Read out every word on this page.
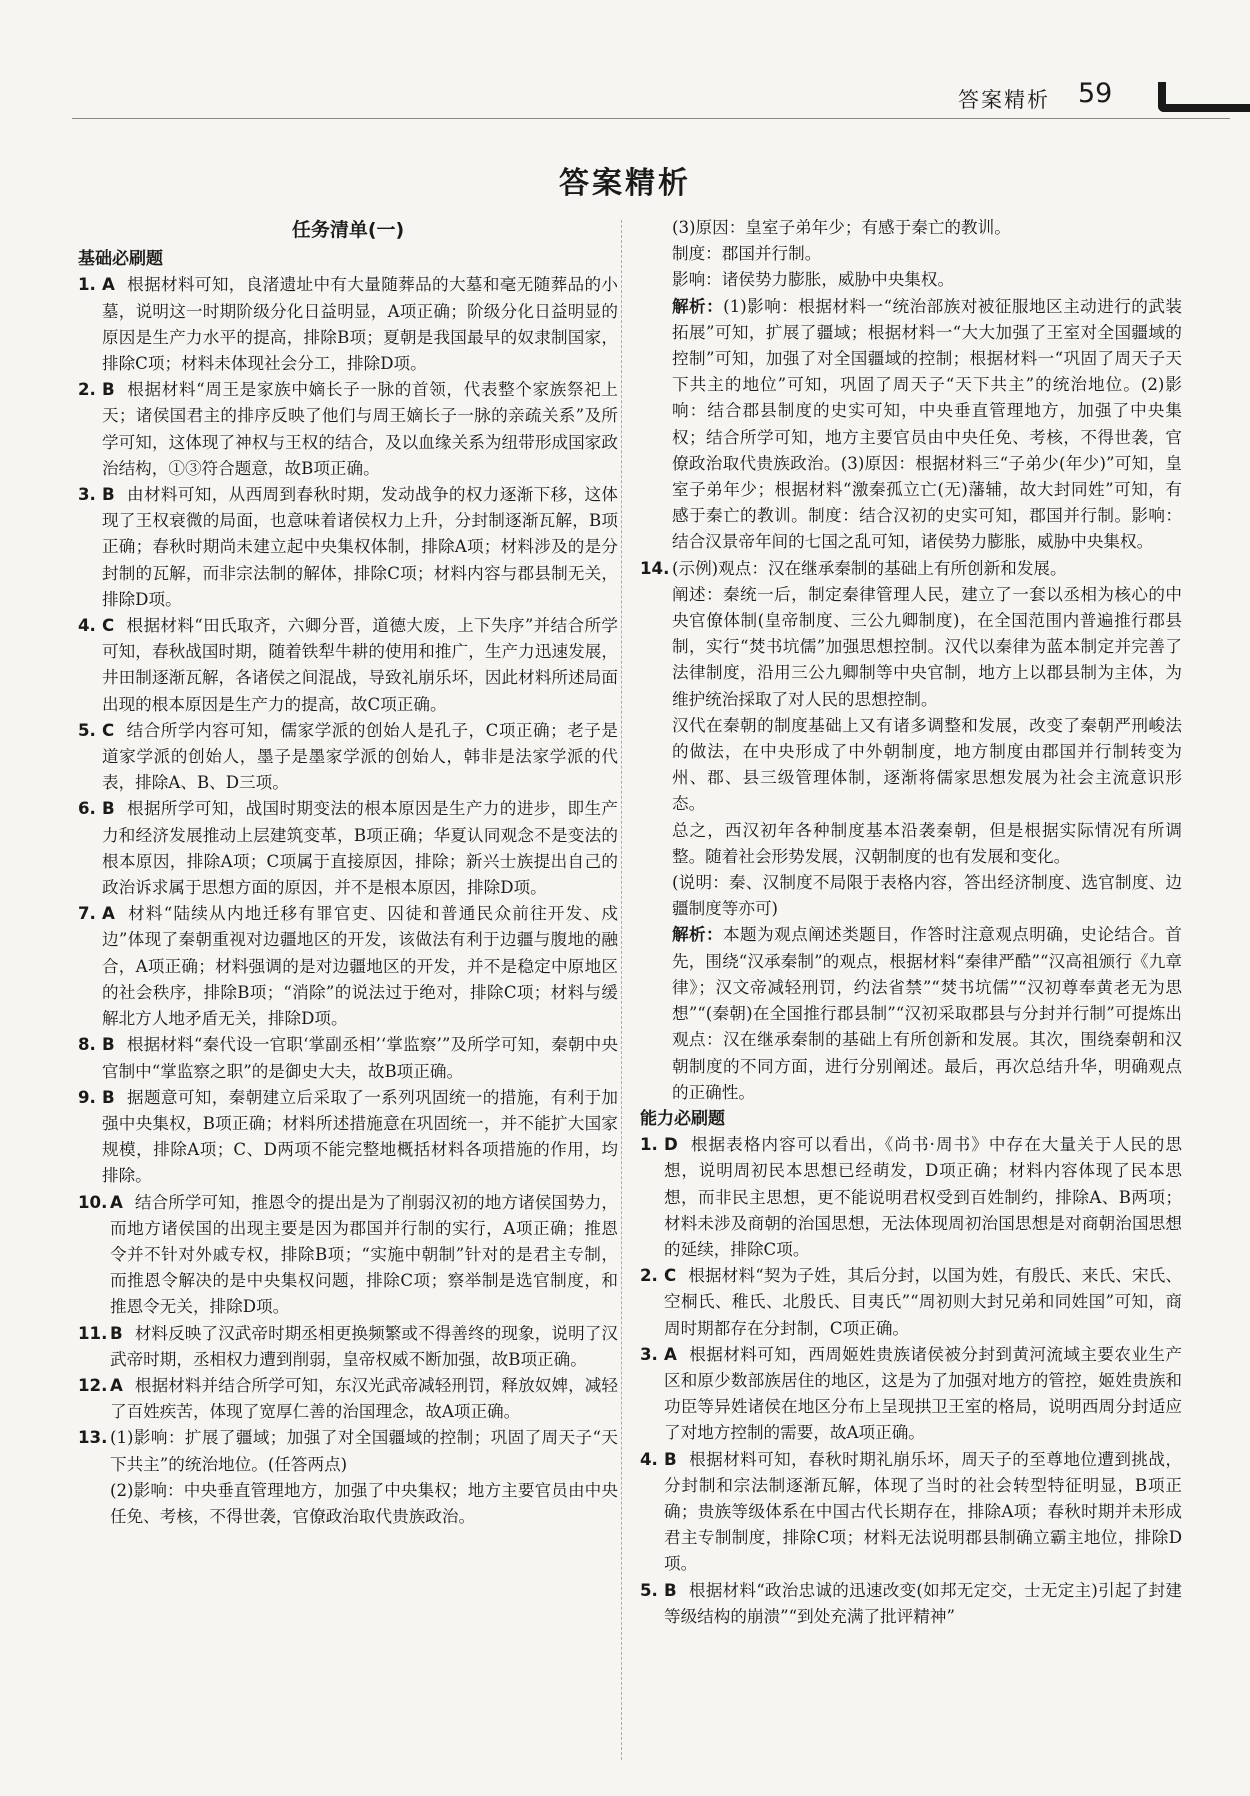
答案精析 59
答案精析
任务清单(一)
基础必刷题
1. A 根据材料可知，良渚遗址中有大量随葬品的大墓和毫无随葬品的小墓，说明这一时期阶级分化日益明显，A项正确；阶级分化日益明显的原因是生产力水平的提高，排除B项；夏朝是我国最早的奴隶制国家，排除C项；材料未体现社会分工，排除D项。
2. B 根据材料“周王是家族中嫡长子一脉的首领，代表整个家族祭祀上天；诸侯国君主的排序反映了他们与周王嫡长子一脉的亲疏关系”及所学可知，这体现了神权与王权的结合，及以血缘关系为纽带形成国家政治结构，①③符合题意，故B项正确。
3. B 由材料可知，从西周到春秋时期，发动战争的权力逐渐下移，这体现了王权衰微的局面，也意味着诸侯权力上升，分封制逐渐瓦解，B项正确；春秋时期尚未建立起中央集权体制，排除A项；材料涉及的是分封制的瓦解，而非宗法制的解体，排除C项；材料内容与郡县制无关，排除D项。
4. C 根据材料“田氏取齐，六卿分晋，道德大废，上下失序”并结合所学可知，春秋战国时期，随着铁犁牛耕的使用和推广，生产力迅速发展，井田制逐渐瓦解，各诸侯之间混战，导致礼崩乐坏，因此材料所述局面出现的根本原因是生产力的提高，故C项正确。
5. C 结合所学内容可知，儒家学派的创始人是孔子，C项正确；老子是道家学派的创始人，墨子是墨家学派的创始人，韩非是法家学派的代表，排除A、B、D三项。
6. B 根据所学可知，战国时期变法的根本原因是生产力的进步，即生产力和经济发展推动上层建筑变革，B项正确；华夏认同观念不是变法的根本原因，排除A项；C项属于直接原因，排除；新兴士族提出自己的政治诉求属于思想方面的原因，并不是根本原因，排除D项。
7. A 材料“陆续从内地迁移有罪官吏、囚徒和普通民众前往开发、戍边”体现了秦朝重视对边疆地区的开发，该做法有利于边疆与腹地的融合，A项正确；材料强调的是对边疆地区的开发，并不是稳定中原地区的社会秩序，排除B项；“消除”的说法过于绝对，排除C项；材料与缓解北方人地矛盾无关，排除D项。
8. B 根据材料“秦代设一官职‘掌副丞相’‘掌监察’”及所学可知，秦朝中央官制中“掌监察之职”的是御史大夫，故B项正确。
9. B 据题意可知，秦朝建立后采取了一系列巩固统一的措施，有利于加强中央集权，B项正确；材料所述措施意在巩固统一，并不能扩大国家规模，排除A项；C、D两项不能完整地概括材料各项措施的作用，均排除。
10. A 结合所学可知，推恩令的提出是为了削弱汉初的地方诸侯国势力，而地方诸侯国的出现主要是因为郡国并行制的实行，A项正确；推恩令并不针对外戚专权，排除B项；“实施中朝制”针对的是君主专制，而推恩令解决的是中央集权问题，排除C项；察举制是选官制度，和推恩令无关，排除D项。
11. B 材料反映了汉武帝时期丞相更换频繁或不得善终的现象，说明了汉武帝时期，丞相权力遭到削弱，皇帝权威不断加强，故B项正确。
12. A 根据材料并结合所学可知，东汉光武帝减轻刑罚，释放奴婢，减轻了百姓疾苦，体现了宽厚仁善的治国理念，故A项正确。
13. (1)影响：扩展了疆域；加强了对全国疆域的控制；巩固了周天子“天下共主”的统治地位。(任答两点)

(2)影响：中央垂直管理地方，加强了中央集权；地方主要官员由中央任免、考核，不得世袭，官僚政治取代贵族政治。

(3)原因：皇室子弟年少；有感于秦亡的教训。

制度：郡国并行制。

影响：诸侯势力膨胀，威胁中央集权。

解析：(1)影响：根据材料一“统治部族对被征服地区主动进行的武装拓展”可知，扩展了疆域；根据材料一“大大加强了王室对全国疆域的控制”可知，加强了对全国疆域的控制；根据材料一“巩固了周天子天下共主的地位”可知，巩固了周天子“天下共主”的统治地位。(2)影响：结合郡县制度的史实可知，中央垂直管理地方，加强了中央集权；结合所学可知，地方主要官员由中央任免、考核，不得世袭，官僚政治取代贵族政治。(3)原因：根据材料三“子弟少(年少)”可知，皇室子弟年少；根据材料“激秦孤立亡(无)藩辅，故大封同姓”可知，有感于秦亡的教训。制度：结合汉初的史实可知，郡国并行制。影响：结合汉景帝年间的七国之乱可知，诸侯势力膨胀，威胁中央集权。

14. (示例)观点：汉在继承秦制的基础上有所创新和发展。

阐述：秦统一后，制定秦律管理人民，建立了一套以丞相为核心的中央官僚体制(皇帝制度、三公九卿制度)，在全国范围内普遍推行郡县制，实行“焚书坑儒”加强思想控制。汉代以秦律为蓝本制定并完善了法律制度，沿用三公九卿制等中央官制，地方上以郡县制为主体，为维护统治採取了对人民的思想控制。

汉代在秦朝的制度基础上又有诸多调整和发展，改变了秦朝严刑峻法的做法，在中央形成了中外朝制度，地方制度由郡国并行制转变为州、郡、县三级管理体制，逐渐将儒家思想发展为社会主流意识形态。

总之，西汉初年各种制度基本沿袭秦朝，但是根据实际情况有所调整。随着社会形势发展，汉朝制度的也有发展和变化。

(说明：秦、汉制度不局限于表格内容，答出经济制度、选官制度、边疆制度等亦可)

解析：本题为观点阐述类题目，作答时注意观点明确，史论结合。首先，围绕“汉承秦制”的观点，根据材料“秦律严酷”“汉高祖颁行《九章律》；汉文帝减轻刑罚，约法省禁”“焚书坑儒”“汉初尊奉黄老无为思想”“(秦朝)在全国推行郡县制”“汉初采取郡县与分封并行制”可提炼出观点：汉在继承秦制的基础上有所创新和发展。其次，围绕秦朝和汉朝制度的不同方面，进行分别阐述。最后，再次总结升华，明确观点的正确性。

能力必刷题
1. D 根据表格内容可以看出，《尚书·周书》中存在大量关于人民的思想，说明周初民本思想已经萌发，D项正确；材料内容体现了民本思想，而非民主思想，更不能说明君权受到百姓制约，排除A、B两项；材料未涉及商朝的治国思想，无法体现周初治国思想是对商朝治国思想的延续，排除C项。
2. C 根据材料“契为子姓，其后分封，以国为姓，有殷氏、来氏、宋氏、空桐氏、稚氏、北殷氏、目夷氏”“周初则大封兄弟和同姓国”可知，商周时期都存在分封制，C项正确。
3. A 根据材料可知，西周姬姓贵族诸侯被分封到黄河流域主要农业生产区和原少数部族居住的地区，这是为了加强对地方的管控，姬姓贵族和功臣等异姓诸侯在地区分布上呈现拱卫王室的格局，说明西周分封适应了对地方控制的需要，故A项正确。
4. B 根据材料可知，春秋时期礼崩乐坏，周天子的至尊地位遭到挑战，分封制和宗法制逐渐瓦解，体现了当时的社会转型特征明显，B项正确；贵族等级体系在中国古代长期存在，排除A项；春秋时期并未形成君主专制制度，排除C项；材料无法说明郡县制确立霸主地位，排除D项。
5. B 根据材料“政治忠诚的迅速改变(如邦无定交，士无定主)引起了封建等级结构的崩溃”“到处充满了批评精神”
